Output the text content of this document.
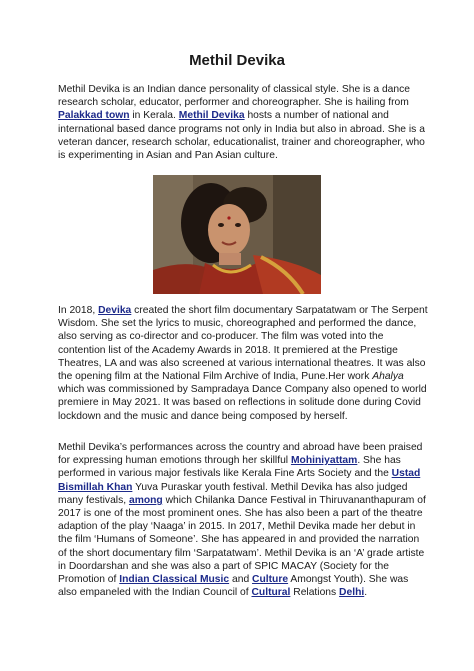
Methil Devika

Methil Devika is an Indian dance personality of classical style. She is a dance research scholar, educator, performer and choreographer. She is hailing from Palakkad town in Kerala. Methil Devika hosts a number of national and international based dance programs not only in India but also in abroad. She is a veteran dancer, research scholar, educationalist, trainer and choreographer, who is experimenting in Asian and Pan Asian culture.

In 2018, Devika created the short film documentary Sarpatatwam or The Serpent Wisdom. She set the lyrics to music, choreographed and performed the dance, also serving as co-director and co-producer. The film was voted into the contention list of the Academy Awards in 2018. It premiered at the Prestige Theatres, LA and was also screened at various international theatres. It was also the opening film at the National Film Archive of India, Pune.Her work Ahalya which was commissioned by Sampradaya Dance Company also opened to world premiere in May 2021. It was based on reflections in solitude done during Covid lockdown and the music and dance being composed by herself.

Methil Devika’s performances across the country and abroad have been praised for expressing human emotions through her skillful Mohiniyattam. She has performed in various major festivals like Kerala Fine Arts Society and the Ustad Bismillah Khan Yuva Puraskar youth festival. Methil Devika has also judged many festivals, among which Chilanka Dance Festival in Thiruvananthapuram of 2017 is one of the most prominent ones. She has also been a part of the theatre adaption of the play ‘Naaga’ in 2015. In 2017, Methil Devika made her debut in the film ‘Humans of Someone’. She has appeared in and provided the narration of the short documentary film ‘Sarpatatwam’. Methil Devika is an ‘A’ grade artiste in Doordarshan and she was also a part of SPIC MACAY (Society for the Promotion of Indian Classical Music and Culture Amongst Youth). She was also empaneled with the Indian Council of Cultural Relations Delhi.
